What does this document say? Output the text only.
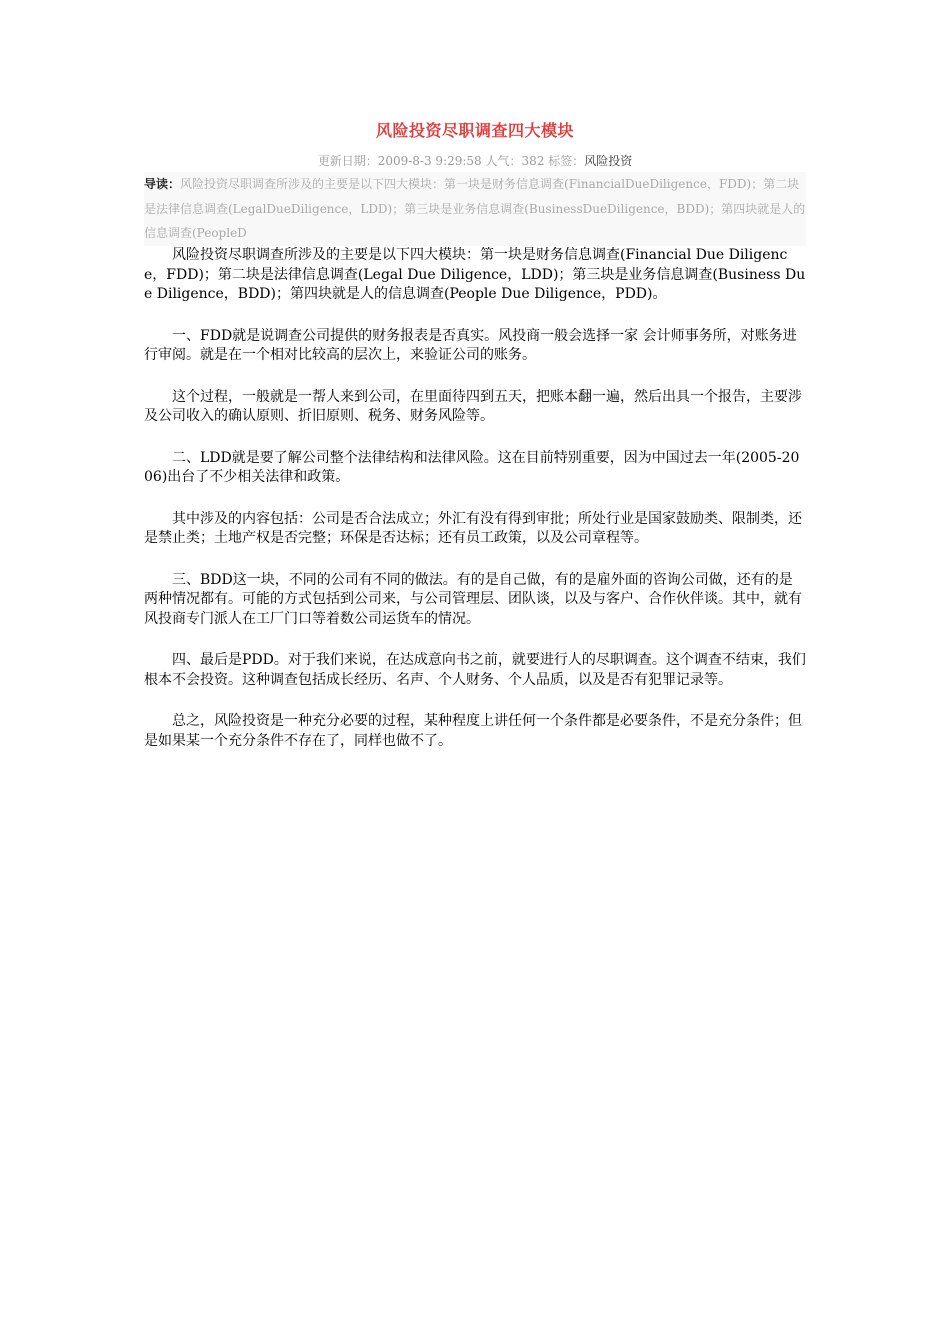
风险投资尽职调查四大模块
更新日期：2009-8-3 9:29:58 人气：382 标签：风险投资
导读：风险投资尽职调查所涉及的主要是以下四大模块：第一块是财务信息调查(FinancialDueDiligence，FDD)；第二块是法律信息调查(LegalDueDiligence，LDD)；第三块是业务信息调查(BusinessDueDiligence，BDD)；第四块就是人的信息调查(PeopleD

风险投资尽职调查所涉及的主要是以下四大模块：第一块是财务信息调查(Financial Due Diligence，FDD)；第二块是法律信息调查(Legal Due Diligence，LDD)；第三块是业务信息调查(Business Due Diligence，BDD)；第四块就是人的信息调查(People Due Diligence，PDD)。

一、FDD就是说调查公司提供的财务报表是否真实。风投商一般会选择一家 会计师事务所，对账务进行审阅。就是在一个相对比较高的层次上，来验证公司的账务。

这个过程，一般就是一帮人来到公司，在里面待四到五天，把账本翻一遍，然后出具一个报告，主要涉及公司收入的确认原则、折旧原则、税务、财务风险等。

二、LDD就是要了解公司整个法律结构和法律风险。这在目前特别重要，因为中国过去一年(2005-2006)出台了不少相关法律和政策。

其中涉及的内容包括：公司是否合法成立；外汇有没有得到审批；所处行业是国家鼓励类、限制类，还是禁止类；土地产权是否完整；环保是否达标；还有员工政策，以及公司章程等。

三、BDD这一块，不同的公司有不同的做法。有的是自己做，有的是雇外面的咨询公司做，还有的是两种情况都有。可能的方式包括到公司来，与公司管理层、团队谈，以及与客户、合作伙伴谈。其中，就有风投商专门派人在工厂门口等着数公司运货车的情况。

四、最后是PDD。对于我们来说，在达成意向书之前，就要进行人的尽职调查。这个调查不结束，我们根本不会投资。这种调查包括成长经历、名声、个人财务、个人品质，以及是否有犯罪记录等。

总之，风险投资是一种充分必要的过程，某种程度上讲任何一个条件都是必要条件，不是充分条件；但是如果某一个充分条件不存在了，同样也做不了。
